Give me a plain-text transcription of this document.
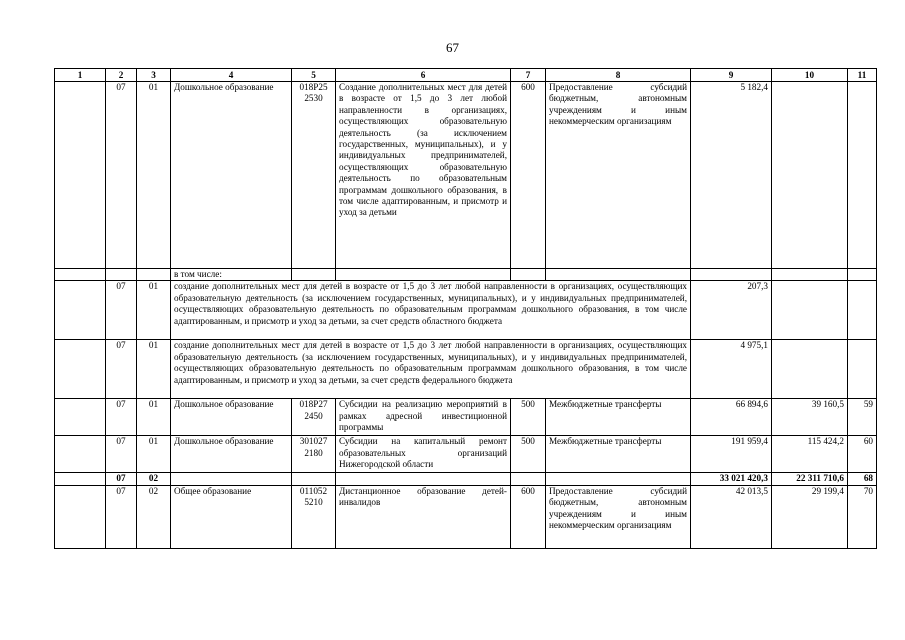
67
1	2	3	4	5	6	7	8	9	10	11
	07	01	Дошкольное образование	018Р25 2530	Создание дополнительных мест для детей в возрасте от 1,5 до 3 лет любой направленности в организациях, осуществляющих образовательную деятельность (за исключением государственных, муниципальных), и у индивидуальных предпринимателей, осуществляющих образовательную деятельность по образовательным программам дошкольного образования, в том числе адаптированным, и присмотр и уход за детьми	600	Предоставление субсидий бюджетным, автономным учреждениям и иным некоммерческим организациям	5 182,4		
			в том числе:							
	07	01	создание дополнительных мест для детей в возрасте от 1,5 до 3 лет любой направленности в организациях, осуществляющих образовательную деятельность (за исключением государственных, муниципальных), и у индивидуальных предпринимателей, осуществляющих образовательную деятельность по образовательным программам дошкольного образования, в том числе адаптированным, и присмотр и уход за детьми, за счет средств областного бюджета					207,3		
	07	01	создание дополнительных мест для детей в возрасте от 1,5 до 3 лет любой направленности в организациях, осуществляющих образовательную деятельность (за исключением государственных, муниципальных), и у индивидуальных предпринимателей, осуществляющих образовательную деятельность по образовательным программам дошкольного образования, в том числе адаптированным, и присмотр и уход за детьми, за счет средств федерального бюджета					4 975,1		
	07	01	Дошкольное образование	018Р27 2450	Субсидии на реализацию мероприятий в рамках адресной инвестиционной программы	500	Межбюджетные трансферты	66 894,6	39 160,5	59
	07	01	Дошкольное образование	301027 2180	Субсидии на капитальный ремонт образовательных организаций Нижегородской области	500	Межбюджетные трансферты	191 959,4	115 424,2	60
	07	02						33 021 420,3	22 311 710,6	68
	07	02	Общее образование	011052 5210	Дистанционное образование детей-инвалидов	600	Предоставление субсидий бюджетным, автономным учреждениям и иным некоммерческим организациям	42 013,5	29 199,4	70
